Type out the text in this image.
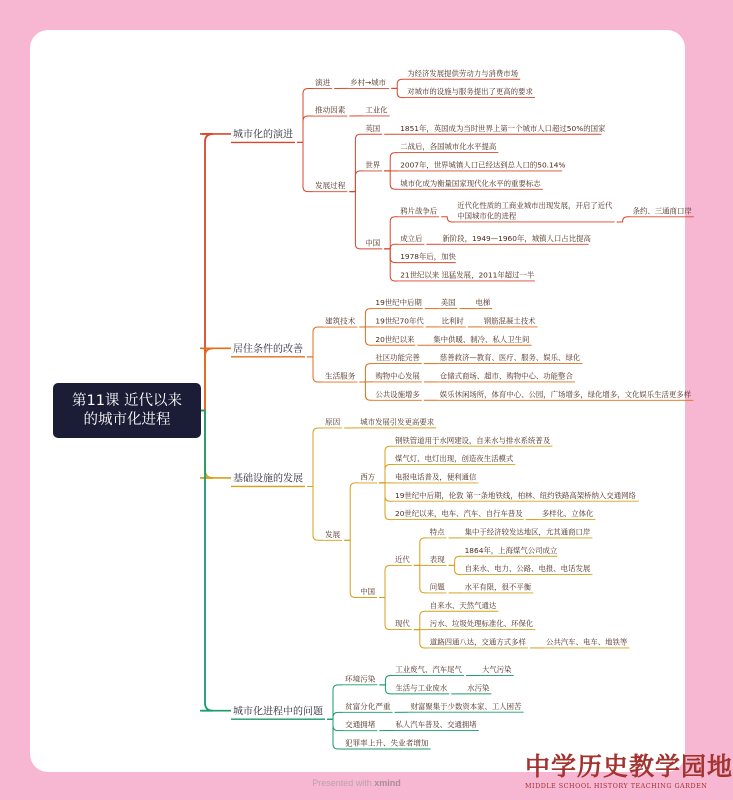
城市化的演进
演进	乡村→城市
为经济发展提供劳动力与消费市场
对城市的设施与服务提出了更高的要求
推动因素	工业化
发展过程
英国	1851年，英国成为当时世界上第一个城市人口超过50%的国家
世界
二战后，各国城市化水平提高
2007年，世界城镇人口已经达到总人口的50.14%
城市化成为衡量国家现代化水平的重要标志
中国
鸦片战争后
近代化性质的工商业城市出现发展，开启了近代
中国城市化的进程
条约、三通商口岸
成立后	新阶段，1949—1960年，城镇人口占比提高
1978年后，加快
21世纪以来 迅猛发展，2011年超过一半
居住条件的改善
建筑技术
19世纪中后期	美国	电梯
19世纪70年代 比利时	钢筋混凝土技术
20世纪以来	集中供暖、制冷、私人卫生间
生活服务
社区功能完善	慈善救济—教育、医疗、服务、娱乐、绿化
购物中心发展	仓储式商场、超市、购物中心、功能整合
公共设施增多	娱乐休闲场所，体育中心、公园，广场增多，绿化增多，文化娱乐生活更多样
基础设施的发展
原因	城市发展引发更高要求
发展
西方
钢铁管道用于水网建设，自来水与排水系统普及
煤气灯、电灯出现，创造夜生活模式
电报电话普及，便利通信
19世纪中后期，伦敦 第一条地铁线，柏林、纽约铁路高架桥纳入交通网络
20世纪以来，电车、汽车、自行车普及	多样化、立体化
中国
近代
特点	集中于经济较发达地区，尤其通商口岸
表现
1864年，上海煤气公司成立
自来水、电力、公路、电报、电话发展
问题	水平有限，很不平衡
现代
自来水、天然气通达
污水、垃圾处理标准化、环保化
道路四通八达，交通方式多样	公共汽车、电车、地铁等
城市化进程中的问题
环境污染
工业废气、汽车尾气	大气污染
生活与工业废水	水污染
贫富分化严重	财富聚集于少数资本家、工人困苦
交通拥堵	私人汽车普及、交通拥堵
犯罪率上升、失业者增加
第11课 近代以来
的城市化进程
Presented with xmind
中学历史教学园地
MIDDLE SCHOOL HISTORY TEACHING GARDEN
